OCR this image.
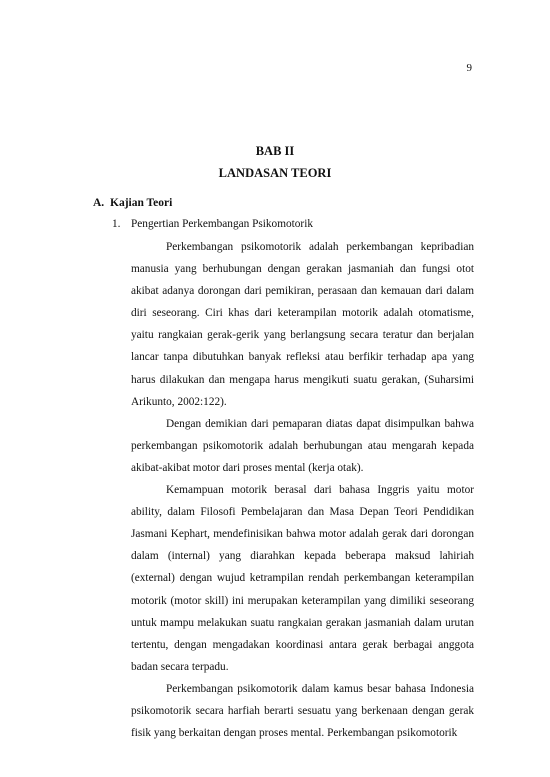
9
BAB II
LANDASAN TEORI
A. Kajian Teori
1. Pengertian Perkembangan Psikomotorik

Perkembangan psikomotorik adalah perkembangan kepribadian manusia yang berhubungan dengan gerakan jasmaniah dan fungsi otot akibat adanya dorongan dari pemikiran, perasaan dan kemauan dari dalam diri seseorang. Ciri khas dari keterampilan motorik adalah otomatisme, yaitu rangkaian gerak-gerik yang berlangsung secara teratur dan berjalan lancar tanpa dibutuhkan banyak refleksi atau berfikir terhadap apa yang harus dilakukan dan mengapa harus mengikuti suatu gerakan, (Suharsimi Arikunto, 2002:122).

Dengan demikian dari pemaparan diatas dapat disimpulkan bahwa perkembangan psikomotorik adalah berhubungan atau mengarah kepada akibat-akibat motor dari proses mental (kerja otak).

Kemampuan motorik berasal dari bahasa Inggris yaitu motor ability, dalam Filosofi Pembelajaran dan Masa Depan Teori Pendidikan Jasmani Kephart, mendefinisikan bahwa motor adalah gerak dari dorongan dalam (internal) yang diarahkan kepada beberapa maksud lahiriah (external) dengan wujud ketrampilan rendah perkembangan keterampilan motorik (motor skill) ini merupakan keterampilan yang dimiliki seseorang untuk mampu melakukan suatu rangkaian gerakan jasmaniah dalam urutan tertentu, dengan mengadakan koordinasi antara gerak berbagai anggota badan secara terpadu.

Perkembangan psikomotorik dalam kamus besar bahasa Indonesia psikomotorik secara harfiah berarti sesuatu yang berkenaan dengan gerak fisik yang berkaitan dengan proses mental. Perkembangan psikomotorik
